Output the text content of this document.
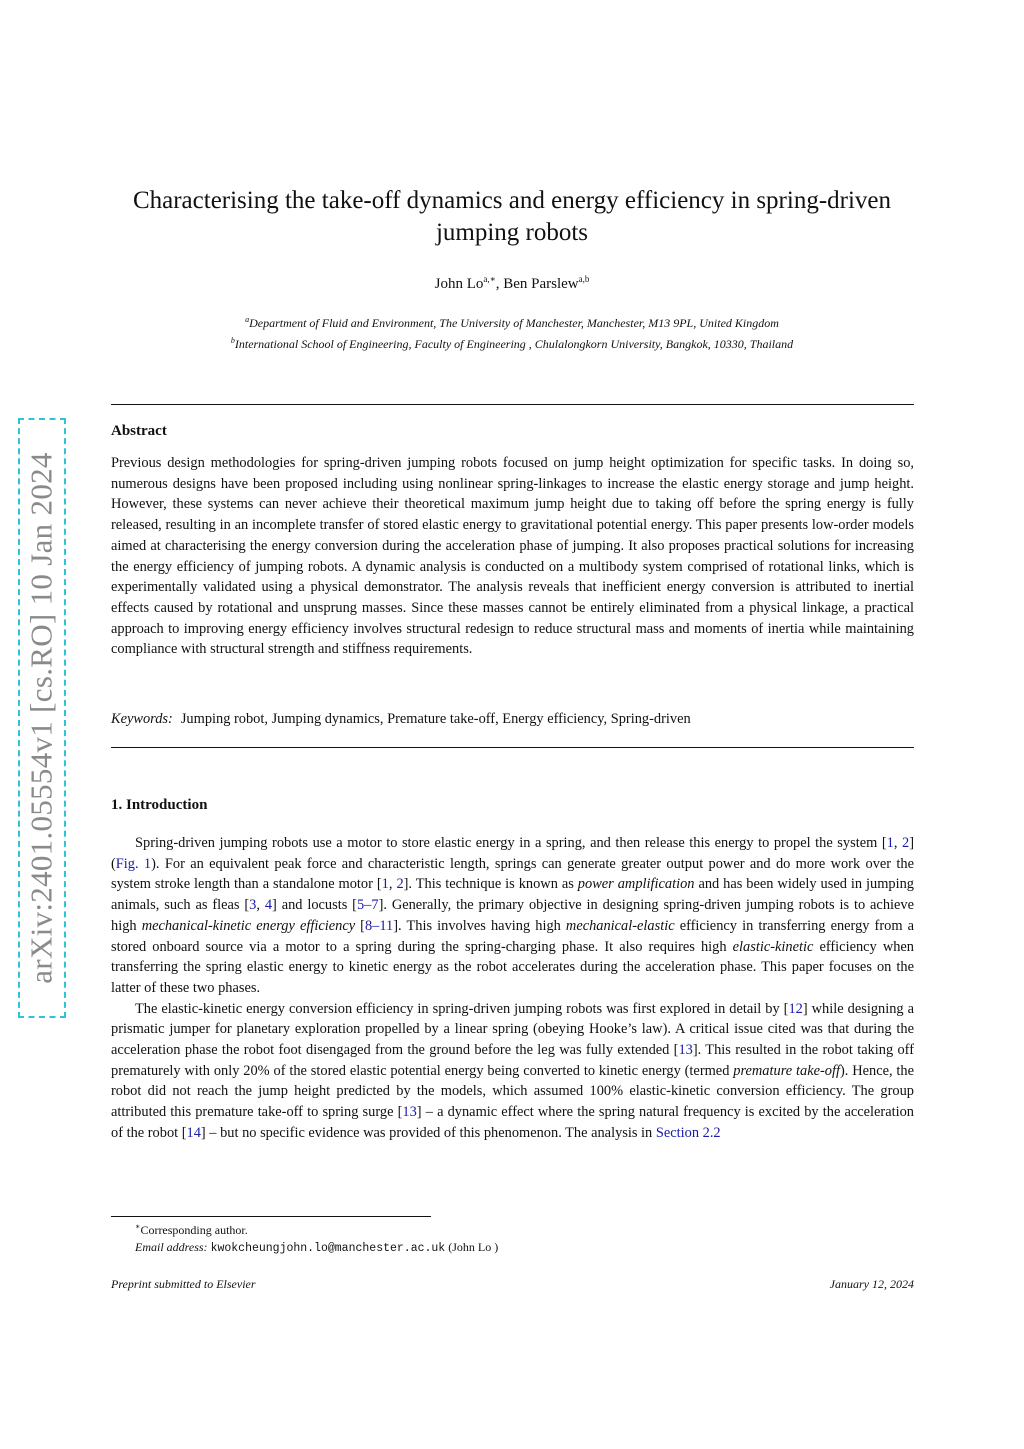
arXiv:2401.05554v1 [cs.RO] 10 Jan 2024
Characterising the take-off dynamics and energy efficiency in spring-driven jumping robots
John $Lo^{a,∗}$, Ben Parslew$^{a,b}$
$^a$Department of Fluid and Environment, The University of Manchester, Manchester, M13 9PL, United Kingdom
$^b$International School of Engineering, Faculty of Engineering , Chulalongkorn University, Bangkok, 10330, Thailand
Abstract

Previous design methodologies for spring-driven jumping robots focused on jump height optimization for specific tasks. In doing so, numerous designs have been proposed including using nonlinear spring-linkages to increase the elastic energy storage and jump height. However, these systems can never achieve their theoretical maximum jump height due to taking off before the spring energy is fully released, resulting in an incomplete transfer of stored elastic energy to gravitational potential energy. This paper presents low-order models aimed at characterising the energy conversion during the acceleration phase of jumping. It also proposes practical solutions for increasing the energy efficiency of jumping robots. A dynamic analysis is conducted on a multibody system comprised of rotational links, which is experimentally validated using a physical demonstrator. The analysis reveals that inefficient energy conversion is attributed to inertial effects caused by rotational and unsprung masses. Since these masses cannot be entirely eliminated from a physical linkage, a practical approach to improving energy efficiency involves structural redesign to reduce structural mass and moments of inertia while maintaining compliance with structural strength and stiffness requirements.

Keywords: Jumping robot, Jumping dynamics, Premature take-off, Energy efficiency, Spring-driven
1. Introduction

Spring-driven jumping robots use a motor to store elastic energy in a spring, and then release this energy to propel the system [1, 2] (Fig. 1). For an equivalent peak force and characteristic length, springs can generate greater output power and do more work over the system stroke length than a standalone motor [1, 2]. This technique is known as power amplification and has been widely used in jumping animals, such as fleas [3, 4] and locusts [5–7]. Generally, the primary objective in designing spring-driven jumping robots is to achieve high mechanical-kinetic energy efficiency [8–11]. This involves having high mechanical-elastic efficiency in transferring energy from a stored onboard source via a motor to a spring during the spring-charging phase. It also requires high elastic-kinetic efficiency when transferring the spring elastic energy to kinetic energy as the robot accelerates during the acceleration phase. This paper focuses on the latter of these two phases.

The elastic-kinetic energy conversion efficiency in spring-driven jumping robots was first explored in detail by [12] while designing a prismatic jumper for planetary exploration propelled by a linear spring (obeying Hooke’s law). A critical issue cited was that during the acceleration phase the robot foot disengaged from the ground before the leg was fully extended [13]. This resulted in the robot taking off prematurely with only 20% of the stored elastic potential energy being converted to kinetic energy (termed premature take-off). Hence, the robot did not reach the jump height predicted by the models, which assumed 100% elastic-kinetic conversion efficiency. The group attributed this premature take-off to spring surge [13] – a dynamic effect where the spring natural frequency is excited by the acceleration of the robot [14] – but no specific evidence was provided of this phenomenon. The analysis in Section 2.2

∗Corresponding author.
Email address: kwokcheungjohn.lo@manchester.ac.uk (John Lo )
Preprint submitted to Elsevier	January 12, 2024
